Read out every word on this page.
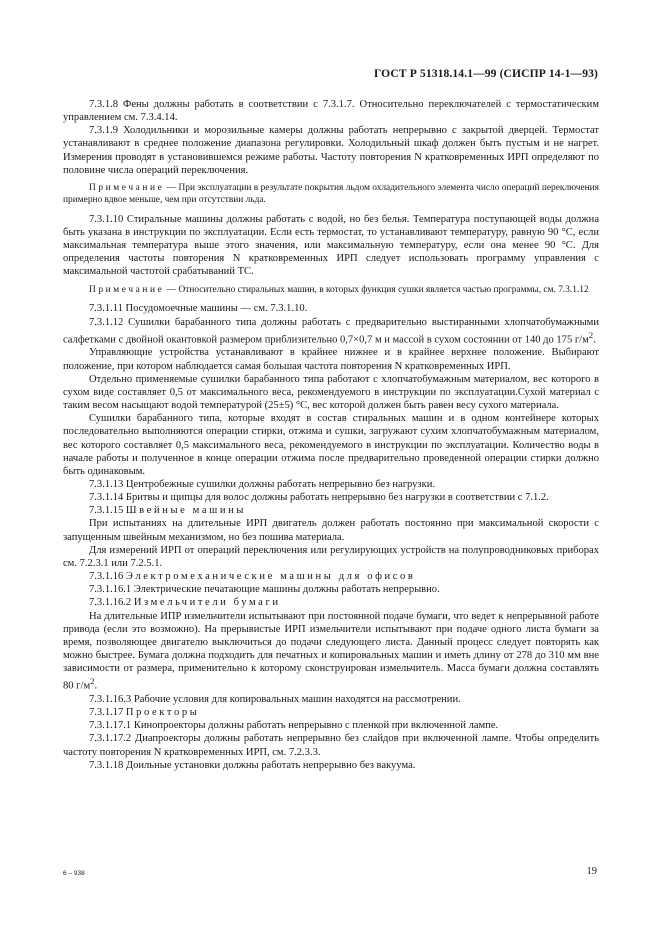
ГОСТ Р 51318.14.1—99 (СИСПР 14-1—93)

7.3.1.8 Фены должны работать в соответствии с 7.3.1.7. Относительно переключателей с термостатическим управлением см. 7.3.4.14.

7.3.1.9 Холодильники и морозильные камеры должны работать непрерывно с закрытой дверцей. Термостат устанавливают в среднее положение диапазона регулировки. Холодильный шкаф должен быть пустым и не нагрет. Измерения проводят в установившемся режиме работы. Частоту повторения N кратковременных ИРП определяют по половине числа операций переключения.

Примечание — При эксплуатации в результате покрытия льдом охладительного элемента число операций переключения примерно вдвое меньше, чем при отсутствии льда.

7.3.1.10 Стиральные машины должны работать с водой, но без белья. Температура поступающей воды должна быть указана в инструкции по эксплуатации. Если есть термостат, то устанавливают температуру, равную 90 °С, если максимальная температура выше этого значения, или максимальную температуру, если она менее 90 °С. Для определения частоты повторения N кратковременных ИРП следует использовать программу управления с максимальной частотой срабатываний ТС.

Примечание — Относительно стиральных машин, в которых функция сушки является частью программы, см. 7.3.1.12

7.3.1.11 Посудомоечные машины — см. 7.3.1.10.

7.3.1.12 Сушилки барабанного типа должны работать с предварительно выстиранными хлопчатобумажными салфетками с двойной окантовкой размером приблизительно 0,7×0,7 м и массой в сухом состоянии от 140 до 175 $г/м^2$.

Управляющие устройства устанавливают в крайнее нижнее и в крайнее верхнее положение. Выбирают положение, при котором наблюдается самая большая частота повторения N кратковременных ИРП.

Отдельно применяемые сушилки барабанного типа работают с хлопчатобумажным материалом, вес которого в сухом виде составляет 0,5 от максимального веса, рекомендуемого в инструкции по эксплуатации.Сухой материал с таким весом насыщают водой температурой (25±5) °С, вес которой должен быть равен весу сухого материала.

Сушилки барабанного типа, которые входят в состав стиральных машин и в одном контейнере которых последовательно выполняются операции стирки, отжима и сушки, загружают сухим хлопчатобумажным материалом, вес которого составляет 0,5 максимального веса, рекомендуемого в инструкции по эксплуатации. Количество воды в начале работы и полученное в конце операции отжима после предварительно проведенной операции стирки должно быть одинаковым.

7.3.1.13 Центробежные сушилки должны работать непрерывно без нагрузки.

7.3.1.14 Бритвы и щипцы для волос должны работать непрерывно без нагрузки в соответствии с 7.1.2.

7.3.1.15 Швейные машины

При испытаниях на длительные ИРП двигатель должен работать постоянно при максимальной скорости с запущенным швейным механизмом, но без пошива материала.

Для измерений ИРП от операций переключения или регулирующих устройств на полупроводниковых приборах см. 7.2.3.1 или 7.2.5.1.

7.3.1.16 Электромеханические машины для офисов

7.3.1.16.1 Электрические печатающие машины должны работать непрерывно.

7.3.1.16.2 Измельчители бумаги

На длительные ИПР измельчители испытывают при постоянной подаче бумаги, что ведет к непрерывной работе привода (если это возможно). На прерывистые ИРП измельчители испытывают при подаче одного листа бумаги за время, позволяющее двигателю выключиться до подачи следующего листа. Данный процесс следует повторять как можно быстрее. Бумага должна подходить для печатных и копировальных машин и иметь длину от 278 до 310 мм вне зависимости от размера, применительно к которому сконструирован измельчитель. Масса бумаги должна составлять 80 $г/м^2$.

7.3.1.16.3 Рабочие условия для копировальных машин находятся на рассмотрении.

7.3.1.17 Проекторы

7.3.1.17.1 Кинопроекторы должны работать непрерывно с пленкой при включенной лампе.

7.3.1.17.2 Диапроекторы должны работать непрерывно без слайдов при включенной лампе. Чтобы определить частоту повторения N кратковременных ИРП, см. 7.2.3.3.

7.3.1.18 Доильные установки должны работать непрерывно без вакуума.

6 – 938	19
